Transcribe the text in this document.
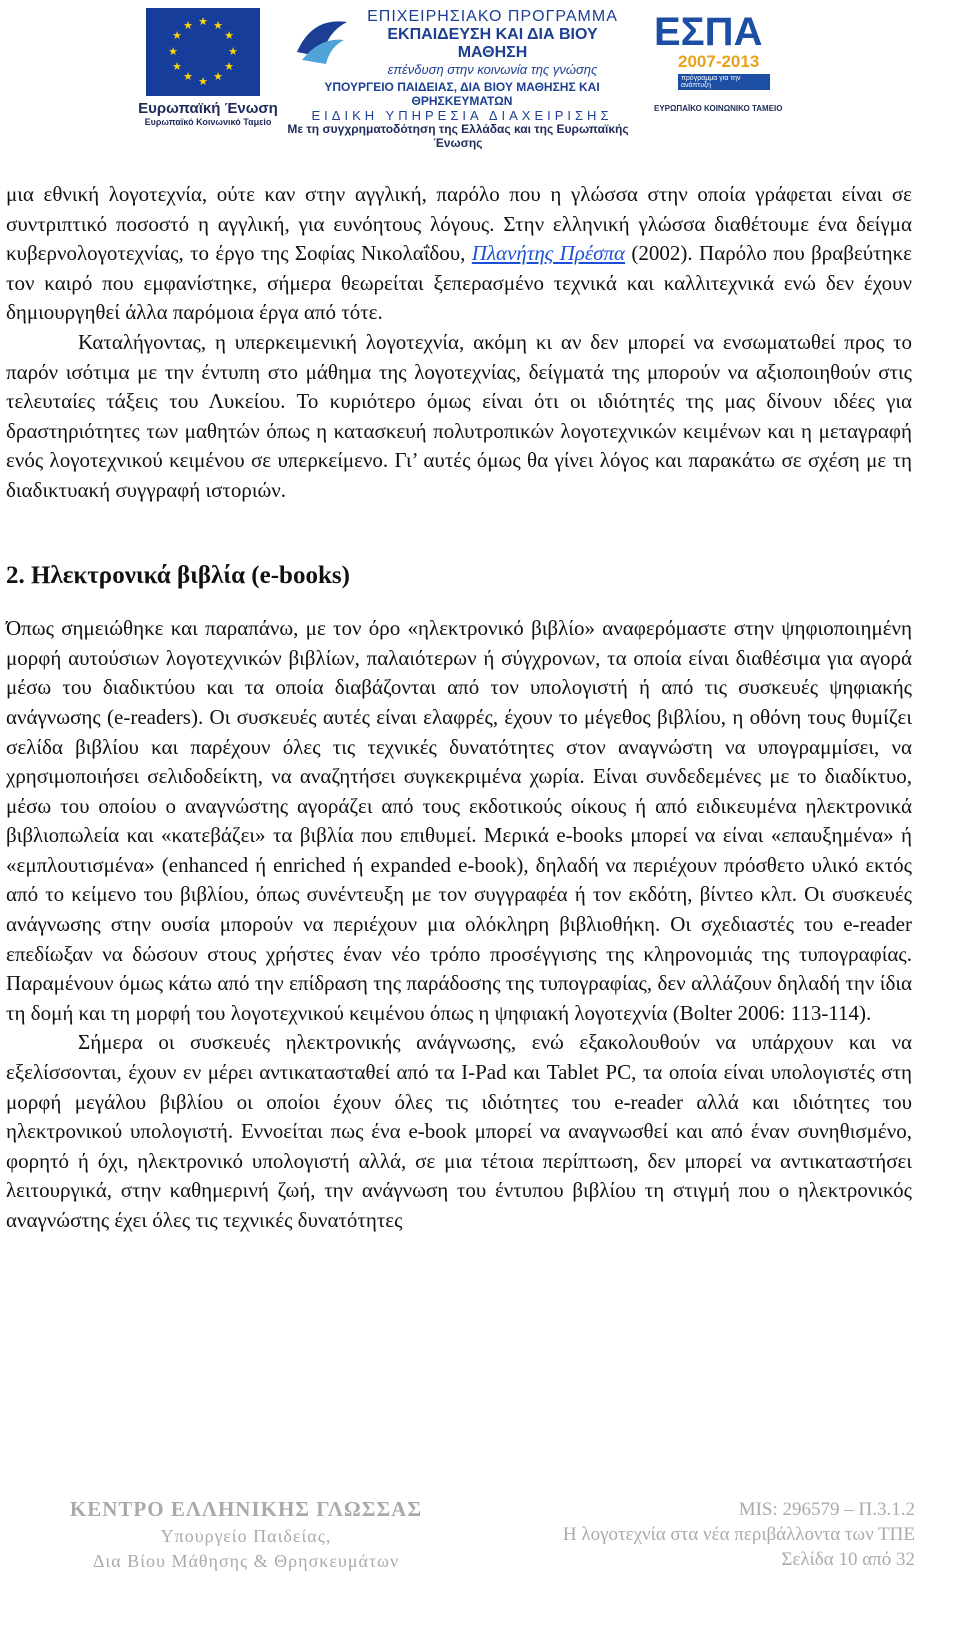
★ ★
★
★
★
★
★
★
★
★
★
★
Ευρωπαϊκή Ένωση
Ευρωπαϊκό Κοινωνικό Ταμείο
ΕΠΙΧΕΙΡΗΣΙΑΚΟ ΠΡΟΓΡΑΜΜΑ
ΕΚΠΑΙΔΕΥΣΗ ΚΑΙ ΔΙΑ ΒΙΟΥ ΜΑΘΗΣΗ
επένδυση στην κοινωνία της γνώσης
ΥΠΟΥΡΓΕΙΟ ΠΑΙΔΕΙΑΣ, ΔΙΑ ΒΙΟΥ ΜΑΘΗΣΗΣ ΚΑΙ ΘΡΗΣΚΕΥΜΑΤΩΝ
ΕΙΔΙΚΗ ΥΠΗΡΕΣΙΑ ΔΙΑΧΕΙΡΙΣΗΣ
Με τη συγχρηματοδότηση της Ελλάδας και της Ευρωπαϊκής Ένωσης
ΕΣΠΑ
2007-2013
πρόγραμμα για την ανάπτυξη
ΕΥΡΩΠΑΪΚΟ ΚΟΙΝΩΝΙΚΟ ΤΑΜΕΙΟ

μια εθνική λογοτεχνία, ούτε καν στην αγγλική, παρόλο που η γλώσσα στην οποία γράφεται είναι σε συντριπτικό ποσοστό η αγγλική, για ευνόητους λόγους. Στην ελληνική γλώσσα διαθέτουμε ένα δείγμα κυβερνολογοτεχνίας, το έργο της Σοφίας Νικολαΐδου, Πλανήτης Πρέσπα (2002). Παρόλο που βραβεύτηκε τον καιρό που εμφανίστηκε, σήμερα θεωρείται ξεπερασμένο τεχνικά και καλλιτεχνικά ενώ δεν έχουν δημιουργηθεί άλλα παρόμοια έργα από τότε.

Καταλήγοντας, η υπερκειμενική λογοτεχνία, ακόμη κι αν δεν μπορεί να ενσωματωθεί προς το παρόν ισότιμα με την έντυπη στο μάθημα της λογοτεχνίας, δείγματά της μπορούν να αξιοποιηθούν στις τελευταίες τάξεις του Λυκείου. Το κυριότερο όμως είναι ότι οι ιδιότητές της μας δίνουν ιδέες για δραστηριότητες των μαθητών όπως η κατασκευή πολυτροπικών λογοτεχνικών κειμένων και η μεταγραφή ενός λογοτεχνικού κειμένου σε υπερκείμενο. Γι’ αυτές όμως θα γίνει λόγος και παρακάτω σε σχέση με τη διαδικτυακή συγγραφή ιστοριών.

2. Ηλεκτρονικά βιβλία (e-books)

Όπως σημειώθηκε και παραπάνω, με τον όρο «ηλεκτρονικό βιβλίο» αναφερόμαστε στην ψηφιοποιημένη μορφή αυτούσιων λογοτεχνικών βιβλίων, παλαιότερων ή σύγχρονων, τα οποία είναι διαθέσιμα για αγορά μέσω του διαδικτύου και τα οποία διαβάζονται από τον υπολογιστή ή από τις συσκευές ψηφιακής ανάγνωσης (e-readers). Οι συσκευές αυτές είναι ελαφρές, έχουν το μέγεθος βιβλίου, η οθόνη τους θυμίζει σελίδα βιβλίου και παρέχουν όλες τις τεχνικές δυνατότητες στον αναγνώστη να υπογραμμίσει, να χρησιμοποιήσει σελιδοδείκτη, να αναζητήσει συγκεκριμένα χωρία. Είναι συνδεδεμένες με το διαδίκτυο, μέσω του οποίου ο αναγνώστης αγοράζει από τους εκδοτικούς οίκους ή από ειδικευμένα ηλεκτρονικά βιβλιοπωλεία και «κατεβάζει» τα βιβλία που επιθυμεί. Μερικά e-books μπορεί να είναι «επαυξημένα» ή «εμπλουτισμένα» (enhanced ή enriched ή expanded e-book), δηλαδή να περιέχουν πρόσθετο υλικό εκτός από το κείμενο του βιβλίου, όπως συνέντευξη με τον συγγραφέα ή τον εκδότη, βίντεο κλπ. Οι συσκευές ανάγνωσης στην ουσία μπορούν να περιέχουν μια ολόκληρη βιβλιοθήκη. Οι σχεδιαστές του e-reader επεδίωξαν να δώσουν στους χρήστες έναν νέο τρόπο προσέγγισης της κληρονομιάς της τυπογραφίας. Παραμένουν όμως κάτω από την επίδραση της παράδοσης της τυπογραφίας, δεν αλλάζουν δηλαδή την ίδια τη δομή και τη μορφή του λογοτεχνικού κειμένου όπως η ψηφιακή λογοτεχνία (Bolter 2006: 113-114).

Σήμερα οι συσκευές ηλεκτρονικής ανάγνωσης, ενώ εξακολουθούν να υπάρχουν και να εξελίσσονται, έχουν εν μέρει αντικατασταθεί από τα I-Pad και Tablet PC, τα οποία είναι υπολογιστές στη μορφή μεγάλου βιβλίου οι οποίοι έχουν όλες τις ιδιότητες του e-reader αλλά και ιδιότητες του ηλεκτρονικού υπολογιστή. Εννοείται πως ένα e-book μπορεί να αναγνωσθεί και από έναν συνηθισμένο, φορητό ή όχι, ηλεκτρονικό υπολογιστή αλλά, σε μια τέτοια περίπτωση, δεν μπορεί να αντικαταστήσει λειτουργικά, στην καθημερινή ζωή, την ανάγνωση του έντυπου βιβλίου τη στιγμή που ο ηλεκτρονικός αναγνώστης έχει όλες τις τεχνικές δυνατότητες

ΚΕΝΤΡΟ ΕΛΛΗΝΙΚΗΣ ΓΛΩΣΣΑΣ
Υπουργείο Παιδείας,
Δια Βίου Μάθησης & Θρησκευμάτων
MIS: 296579 – Π.3.1.2
Η λογοτεχνία στα νέα περιβάλλοντα των ΤΠΕ
Σελίδα 10 από 32
